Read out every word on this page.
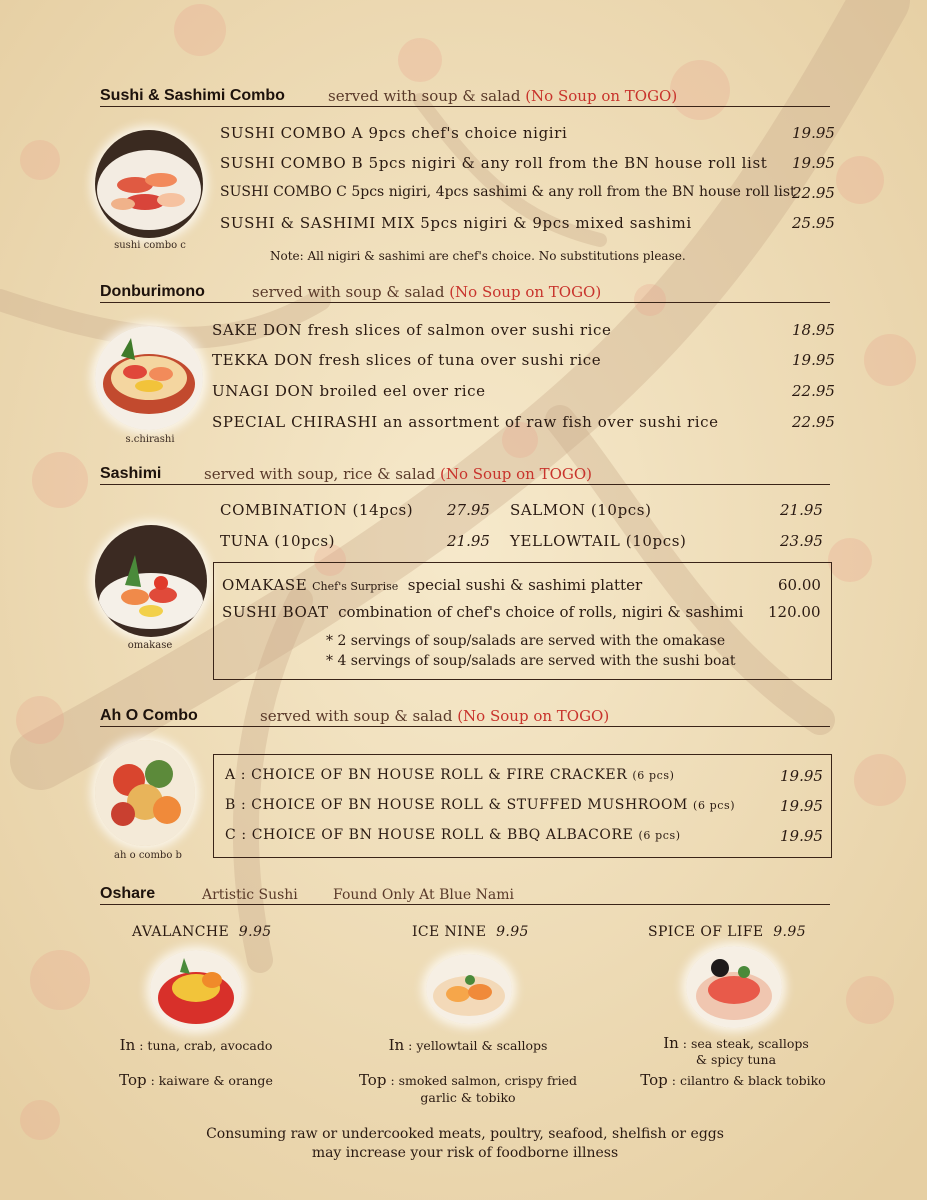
Sushi & Sashimi Combo	served with soup & salad (No Soup on TOGO)
sushi combo c
SUSHI COMBO A 9pcs chef's choice nigiri	19.95
SUSHI COMBO B 5pcs nigiri & any roll from the BN house roll list 19.95
SUSHI COMBO C 5pcs nigiri, 4pcs sashimi & any roll from the BN house roll list
22.95
SUSHI & SASHIMI MIX 5pcs nigiri & 9pcs mixed sashimi	25.95
Note: All nigiri & sashimi are chef's choice. No substitutions please.
Donburimono	served with soup & salad (No Soup on TOGO)
s.chirashi
SAKE DON fresh slices of salmon over sushi rice	18.95
TEKKA DON fresh slices of tuna over sushi rice	19.95
UNAGI DON broiled eel over rice	22.95
SPECIAL CHIRASHI an assortment of raw fish over sushi rice	22.95
Sashimi	served with soup, rice & salad (No Soup on TOGO)
omakase
COMBINATION (14pcs) 27.95 SALMON (10pcs)	21.95
TUNA (10pcs)	21.95 YELLOWTAIL (10pcs)	23.95
OMAKASE Chef's Surprise special sushi & sashimi platter	60.00
SUSHI BOAT combination of chef's choice of rolls, nigiri & sashimi 120.00
* 2 servings of soup/salads are served with the omakase
* 4 servings of soup/salads are served with the sushi boat
Ah O Combo	served with soup & salad (No Soup on TOGO)
ah o combo b
A : CHOICE OF BN HOUSE ROLL & FIRE CRACKER (6 pcs)	19.95
B : CHOICE OF BN HOUSE ROLL & STUFFED MUSHROOM (6 pcs)	19.95
C : CHOICE OF BN HOUSE ROLL & BBQ ALBACORE (6 pcs)	19.95
Oshare	Artistic Sushi	Found Only At Blue Nami
AVALANCHE 9.95
In : tuna, crab, avocado
Top : kaiware & orange
ICE NINE 9.95
In : yellowtail & scallops
Top : smoked salmon, crispy fried
garlic & tobiko
SPICE OF LIFE 9.95
In : sea steak, scallops
& spicy tuna
Top : cilantro & black tobiko
Consuming raw or undercooked meats, poultry, seafood, shelfish or eggs
may increase your risk of foodborne illness
